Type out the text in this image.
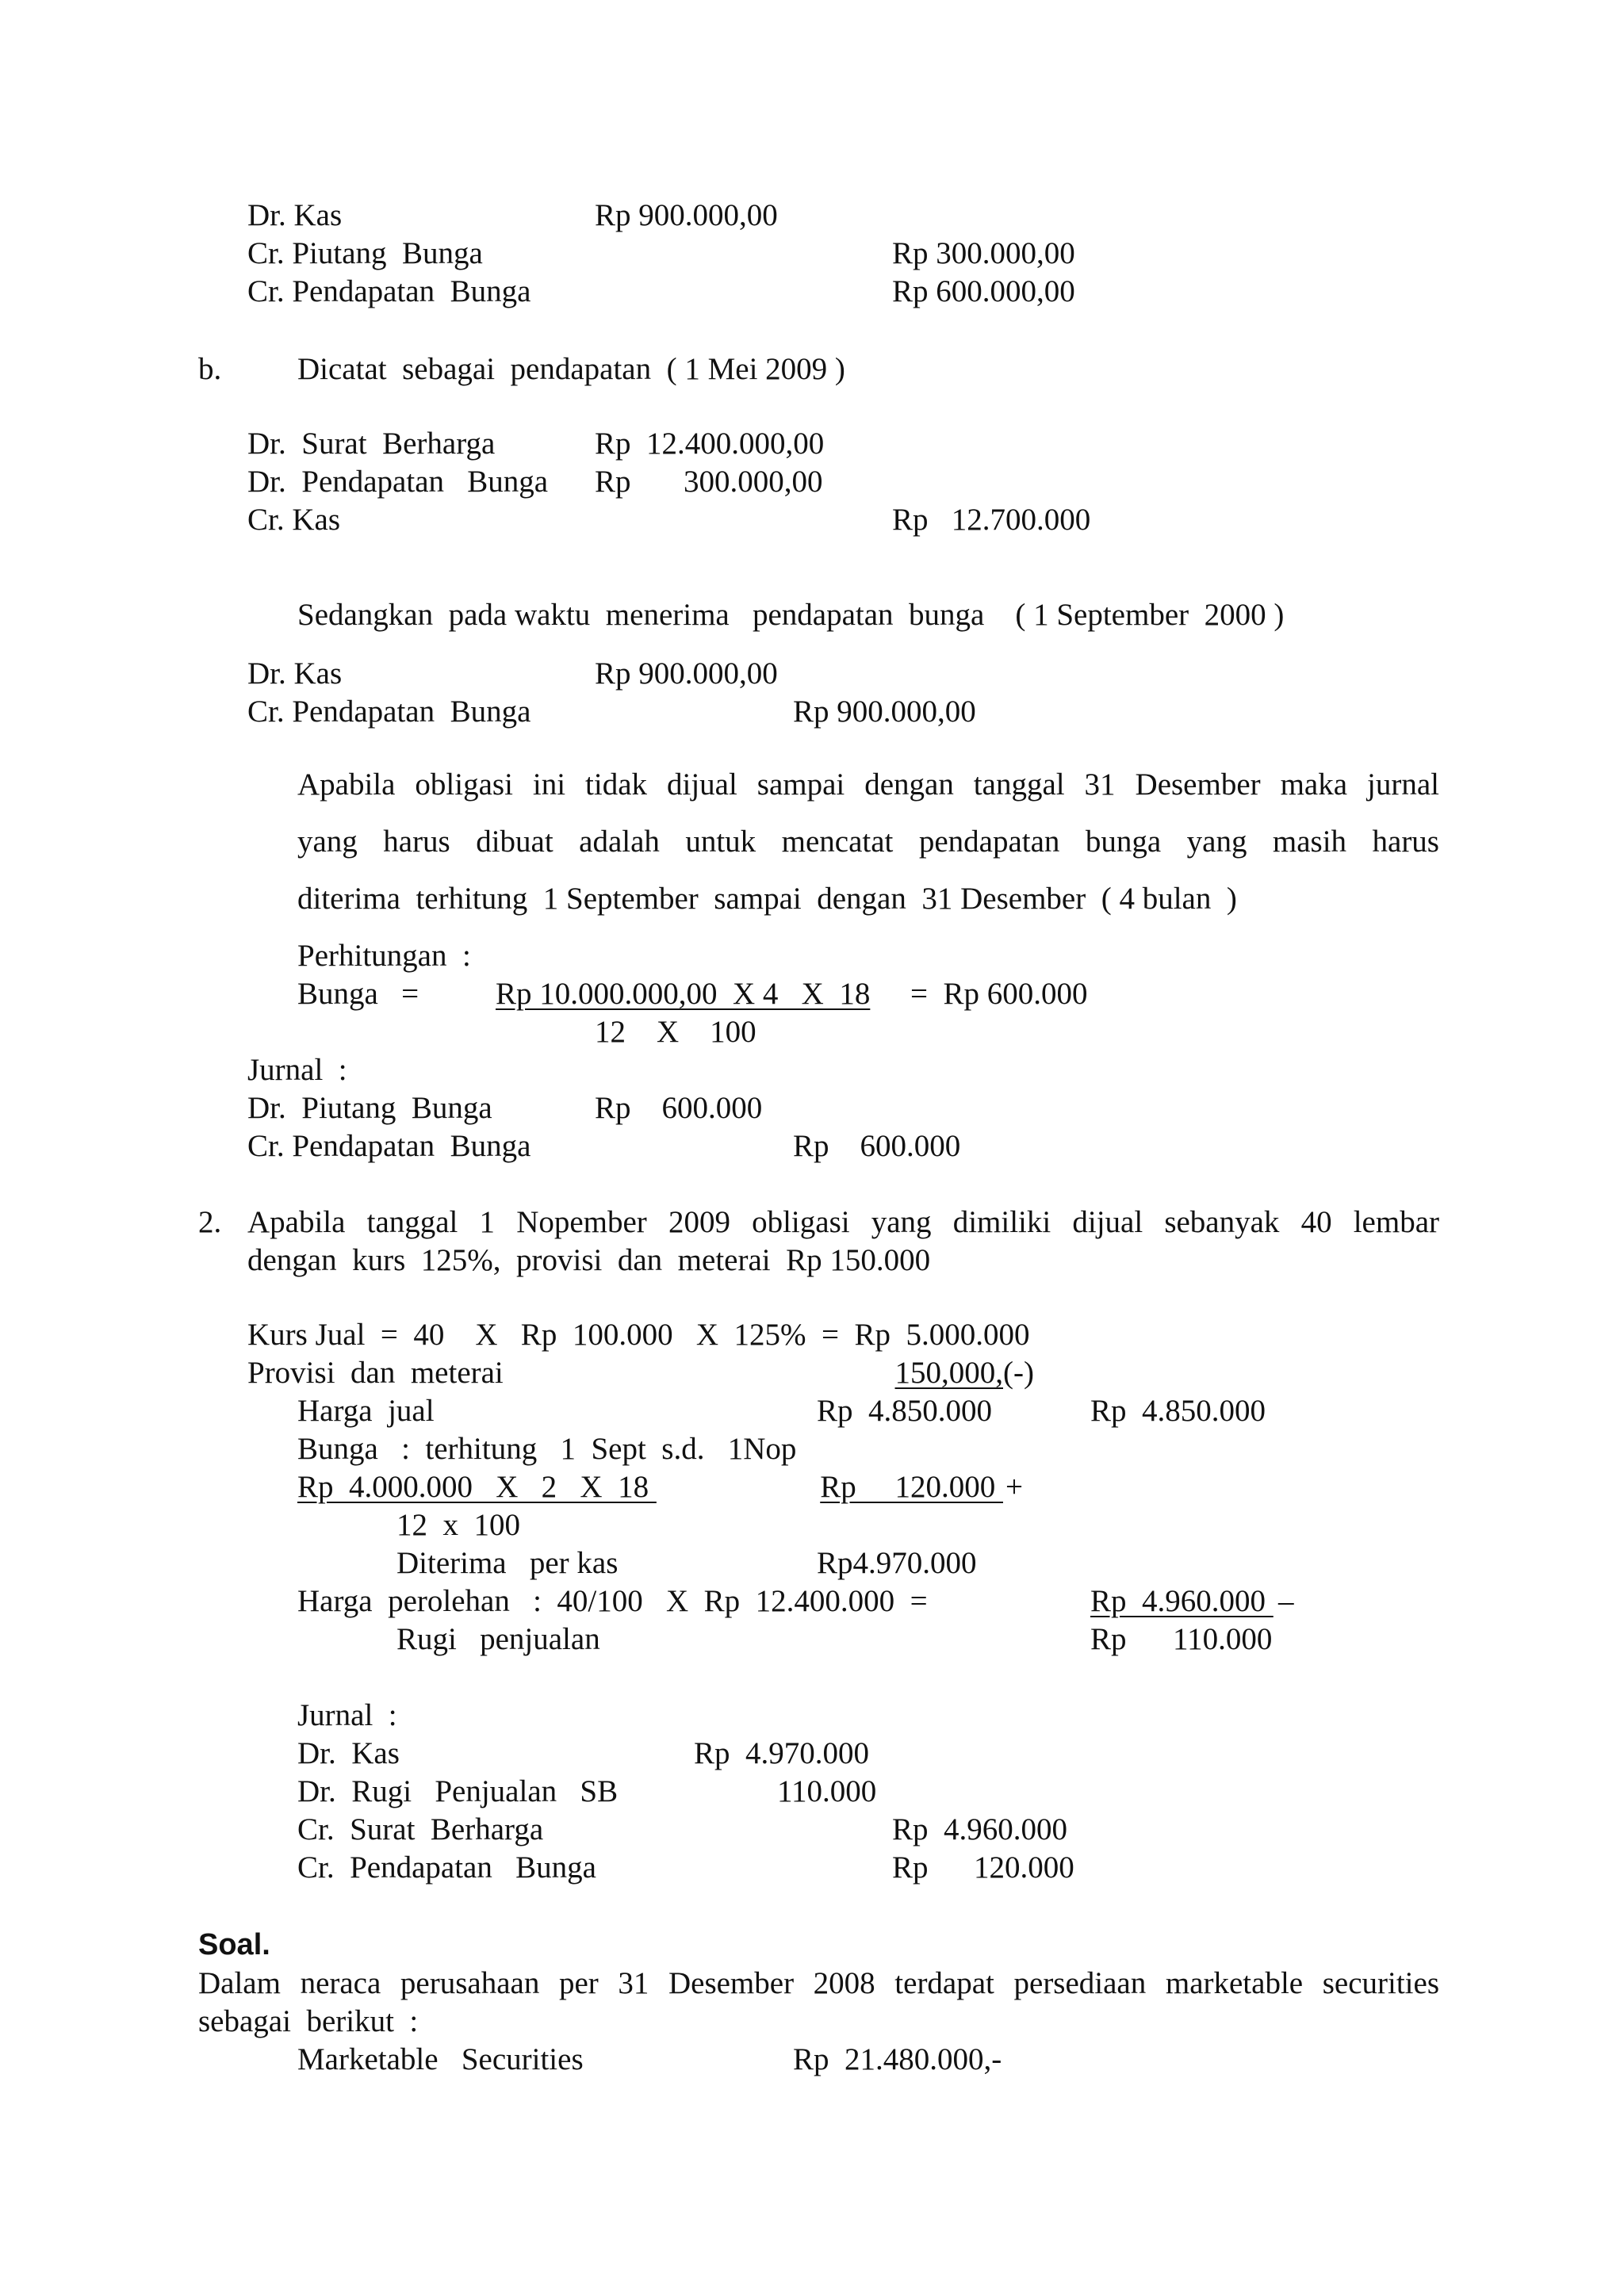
Dr. Kas	Rp 900.000,00
Cr. Piutang  Bunga	Rp 300.000,00
Cr. Pendapatan  Bunga	Rp 600.000,00
b. Dicatat  sebagai  pendapatan  ( 1 Mei 2009 )
Dr.  Surat  Berharga	Rp  12.400.000,00
Dr.  Pendapatan   Bunga Rp 300.000,00
Cr. Kas	Rp   12.700.000
Sedangkan  pada waktu  menerima   pendapatan  bunga    ( 1 September  2000 )
Dr. Kas	Rp 900.000,00
Cr. Pendapatan  Bunga	Rp 900.000,00
Apabila obligasi ini tidak dijual sampai dengan tanggal 31 Desember maka jurnal
yang harus dibuat adalah untuk mencatat pendapatan bunga yang masih harus
diterima  terhitung  1 September  sampai  dengan  31 Desember  ( 4 bulan  )
Perhitungan  :
Bunga   = Rp 10.000.000,00  X 4   X  18 =  Rp 600.000
12    X    100
Jurnal  :
Dr.  Piutang  Bunga	Rp    600.000
Cr. Pendapatan  Bunga	Rp    600.000
2. Apabila tanggal 1 Nopember 2009 obligasi yang dimiliki dijual sebanyak 40 lembar
dengan  kurs  125%,  provisi  dan  meterai  Rp 150.000
Kurs Jual  =  40    X   Rp  100.000   X  125%  =  Rp  5.000.000
Provisi  dan  meterai	150,000, (-)
Harga  jual	Rp  4.850.000	Rp  4.850.000
Bunga   :  terhitung   1  Sept  s.d.   1Nop
Rp  4.000.000   X   2   X  18	Rp     120.000 +
12  x  100
Diterima   per kas	Rp4.970.000
Harga  perolehan   :  40/100   X  Rp  12.400.000  =	Rp  4.960.000 –
Rugi   penjualan	Rp      110.000
Jurnal  :
Dr.  Kas	Rp  4.970.000
Dr.  Rugi   Penjualan   SB	110.000
Cr.  Surat  Berharga	Rp  4.960.000
Cr.  Pendapatan   Bunga	Rp 120.000
Soal.
Dalam neraca perusahaan per 31 Desember 2008 terdapat persediaan marketable securities
sebagai  berikut  :
Marketable   Securities	Rp  21.480.000,-
